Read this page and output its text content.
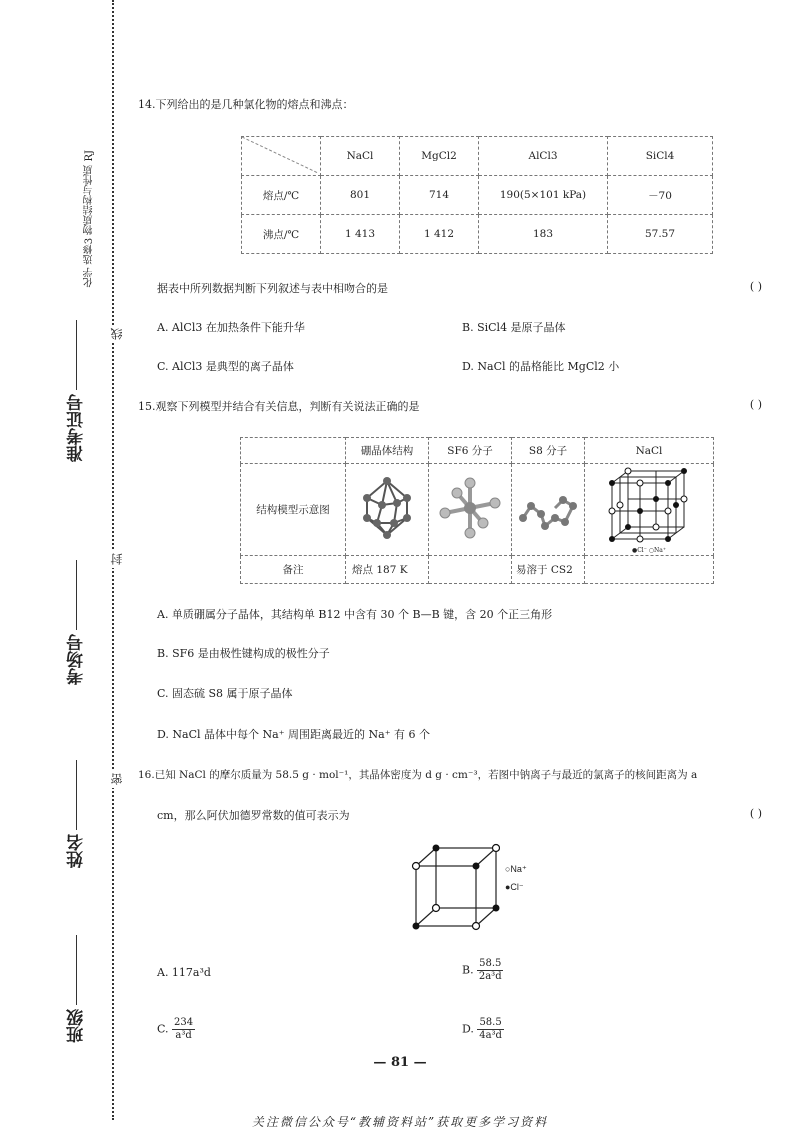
化学 选修3 物质结构与性质 RJ
准考证号
考场号
姓名
班级
线
封
密
14.下列给出的是几种氯化物的熔点和沸点：
	NaCl	MgCl2	AlCl3	SiCl4
熔点/℃	801	714	190(5×101 kPa)	－70
沸点/℃	1 413	1 412	183	57.57
据表中所列数据判断下列叙述与表中相吻合的是	( )
A. AlCl3 在加热条件下能升华	B. SiCl4 是原子晶体
C. AlCl3 是典型的离子晶体	D. NaCl 的晶格能比 MgCl2 小
15.观察下列模型并结合有关信息，判断有关说法正确的是	( )
	硼晶体结构	SF6 分子	S8 分子	NaCl
结构模型示意图				●Cl⁻ ○Na⁺

备注	熔点 187 K		易溶于 CS2	
A. 单质硼属分子晶体，其结构单 B12 中含有 30 个 B—B 键，含 20 个正三角形
B. SF6 是由极性键构成的极性分子
C. 固态硫 S8 属于原子晶体
D. NaCl 晶体中每个 Na⁺ 周围距离最近的 Na⁺ 有 6 个
16.已知 NaCl 的摩尔质量为 58.5 g · mol⁻¹，其晶体密度为 d g · cm⁻³，若图中钠离子与最近的氯离子的核间距离为 a
cm，那么阿伏加德罗常数的值可表示为	( )
○Na⁺
●Cl⁻
A. 117a³d	B. $\frac{58.5}{\text{2a³d}}$
C. $\frac{234}{\text{a³d}}$	D. $\frac{58.5}{\text{4a³d}}$
— 81 —
关注微信公众号“教辅资料站”获取更多学习资料
